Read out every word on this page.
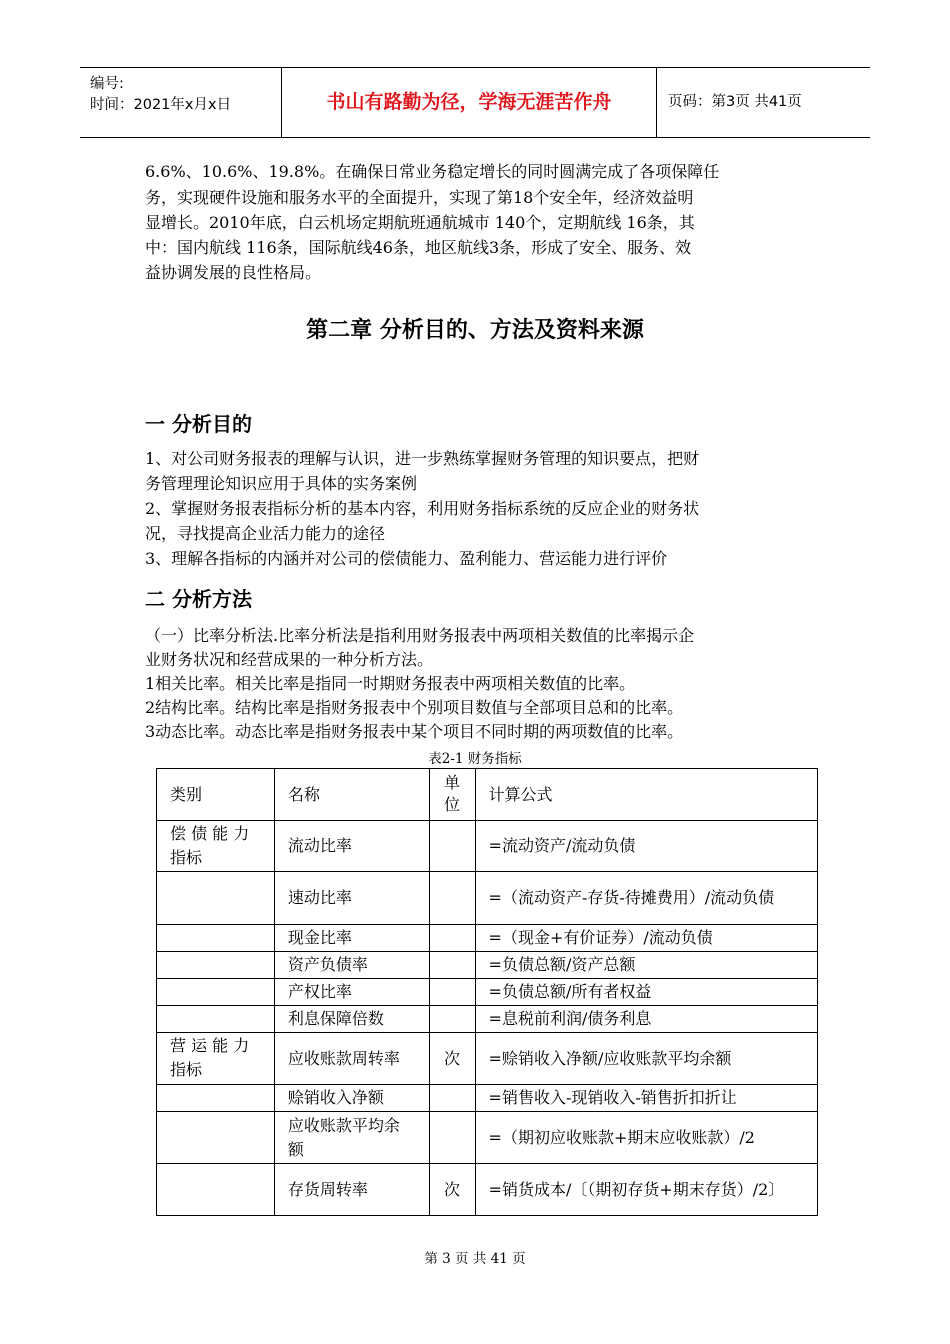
编号:
时间：2021年x月x日	书山有路勤为径，学海无涯苦作舟	页码：第3页 共41页
6.6%、10.6%、19.8%。在确保日常业务稳定增长的同时圆满完成了各项保障任
务，实现硬件设施和服务水平的全面提升，实现了第18个安全年，经济效益明
显增长。2010年底，白云机场定期航班通航城市 140个，定期航线 16条，其
中：国内航线 116条，国际航线46条，地区航线3条，形成了安全、服务、效
益协调发展的良性格局。
第二章 分析目的、方法及资料来源
一 分析目的
1、对公司财务报表的理解与认识，进一步熟练掌握财务管理的知识要点，把财
务管理理论知识应用于具体的实务案例
2、掌握财务报表指标分析的基本内容，利用财务指标系统的反应企业的财务状
况，寻找提高企业活力能力的途径
3、理解各指标的内涵并对公司的偿债能力、盈利能力、营运能力进行评价
二 分析方法
（一）比率分析法.比率分析法是指利用财务报表中两项相关数值的比率揭示企
业财务状况和经营成果的一种分析方法。
1相关比率。相关比率是指同一时期财务报表中两项相关数值的比率。
2结构比率。结构比率是指财务报表中个别项目数值与全部项目总和的比率。
3动态比率。动态比率是指财务报表中某个项目不同时期的两项数值的比率。
表2-1 财务指标
类别	名称	单位	计算公式
偿 债 能 力 指标	流动比率		=流动资产/流动负债
	速动比率		=（流动资产-存货-待摊费用）/流动负债
	现金比率		=（现金+有价证券）/流动负债
	资产负债率		=负债总额/资产总额
	产权比率		=负债总额/所有者权益
	利息保障倍数		=息税前利润/债务利息
营 运 能 力 指标	应收账款周转率	次	=赊销收入净额/应收账款平均余额
	赊销收入净额		=销售收入-现销收入-销售折扣折让
	应收账款平均余额		=（期初应收账款+期末应收账款）/2
	存货周转率	次	=销货成本/〔（期初存货+期末存货）/2〕
第 3 页 共 41 页
